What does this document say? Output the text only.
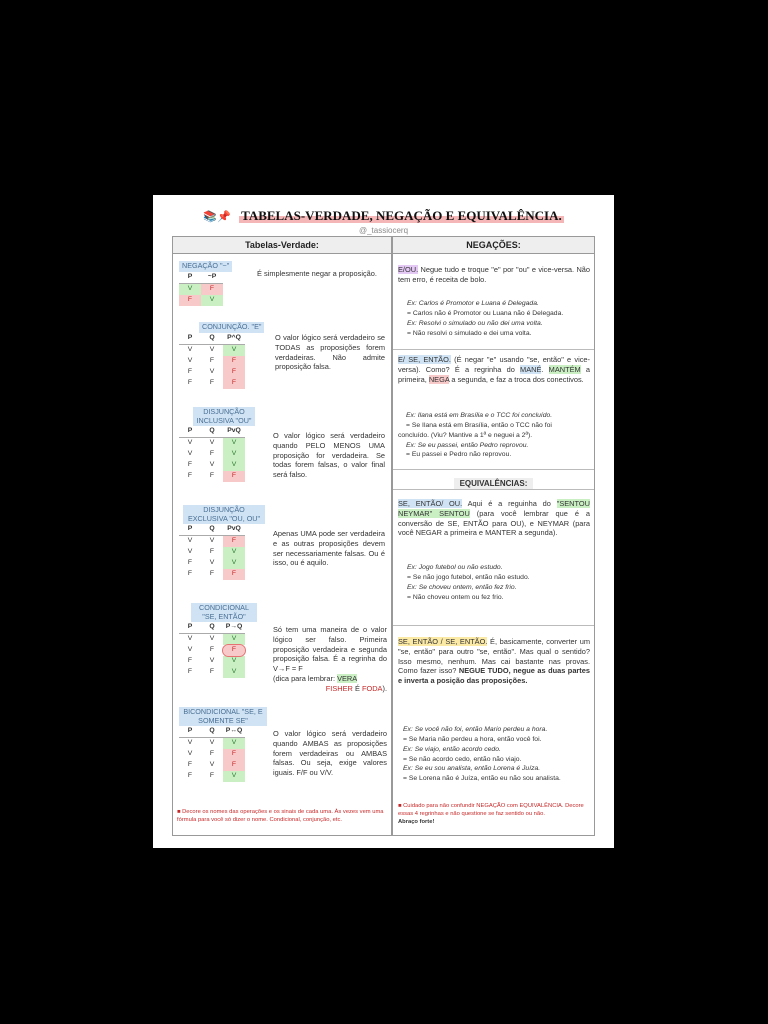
📚📌 TABELAS-VERDADE, NEGAÇÃO E EQUIVALÊNCIA.
@_tassiocerq
Tabelas-Verdade:
NEGAÇÃO "~"
P	~P
V	F
F	V
É simplesmente negar a proposição.
CONJUNÇÃO. "E"
P	Q	P^Q
V	V	V
V	F	F
F	V	F
F	F	F
O valor lógico será verdadeiro se TODAS as proposições forem verdadeiras. Não admite proposição falsa.
DISJUNÇÃO INCLUSIVA "OU"
P	Q	PvQ
V	V	V
V	F	V
F	V	V
F	F	F
O valor lógico será verdadeiro quando PELO MENOS UMA proposição for verdadeira. Se todas forem falsas, o valor final será falso.
DISJUNÇÃO EXCLUSIVA "OU, OU"
P	Q	PvQ
V	V	F
V	F	V
F	V	V
F	F	F
Apenas UMA pode ser verdadeira e as outras proposições devem ser necessariamente falsas. Ou é isso, ou é aquilo.
CONDICIONAL "SE, ENTÃO"
P	Q	P→Q
V	V	V
V	F	F
F	V	V
F	F	V
Só tem uma maneira de o valor lógico ser falso. Primeira proposição verdadeira e segunda proposição falsa. É a regrinha do V→F = F
(dica para lembrar: VERA

FISHER É FODA).
BICONDICIONAL "SE, E SOMENTE SE"
P	Q	P↔Q
V	V	V
V	F	F
F	V	F
F	F	V
O valor lógico será verdadeiro quando AMBAS as proposições forem verdadeiras ou AMBAS falsas. Ou seja, exige valores iguais. F/F ou V/V.
■ Decore os nomes das operações e os sinais de cada uma. Às vezes vem uma fórmula para você só dizer o nome. Condicional, conjunção, etc.
NEGAÇÕES:
E/OU. Negue tudo e troque "e" por "ou" e vice-versa. Não tem erro, é receita de bolo.
Ex: Carlos é Promotor e Luana é Delegada.
= Carlos não é Promotor ou Luana não é Delegada.
Ex: Resolvi o simulado ou não dei uma volta.
= Não resolvi o simulado e dei uma volta.
E/ SE, ENTÃO. (É negar "e" usando "se, então" e vice-versa). Como? É a regrinha do MANÉ. MANTÉM a primeira, NEGA a segunda, e faz a troca dos conectivos.
Ex: Ilana está em Brasília e o TCC foi concluído.
= Se Ilana está em Brasília, então o TCC não foi
concluído. (Viu? Mantive a 1ª e neguei a 2ª).
Ex: Se eu passei, então Pedro reprovou.
= Eu passei e Pedro não reprovou.
EQUIVALÊNCIAS:
SE, ENTÃO/ OU. Aqui é a reguinha do "SENTOU NEYMAR" SENTOU (para você lembrar que é a conversão de SE, ENTÃO para OU), e NEYMAR (para você NEGAR a primeira e MANTER a segunda).
Ex: Jogo futebol ou não estudo.
= Se não jogo futebol, então não estudo.
Ex: Se choveu ontem, então fez frio.
= Não choveu ontem ou fez frio.
SE, ENTÃO / SE, ENTÃO. É, basicamente, converter um "se, então" para outro "se, então". Mas qual o sentido? Isso mesmo, nenhum. Mas cai bastante nas provas. Como fazer isso? NEGUE TUDO, negue as duas partes e inverta a posição das proposições.
Ex: Se você não foi, então Mario perdeu a hora.
= Se Maria não perdeu a hora, então você foi.
Ex: Se viajo, então acordo cedo.
= Se não acordo cedo, então não viajo.
Ex: Se eu sou analista, então Lorena é Juíza.
= Se Lorena não é Juíza, então eu não sou analista.
■ Cuidado para não confundir NEGAÇÃO com EQUIVALÊNCIA. Decore essas 4 regrinhas e não questione se faz sentido ou não.
Abraço forte!
